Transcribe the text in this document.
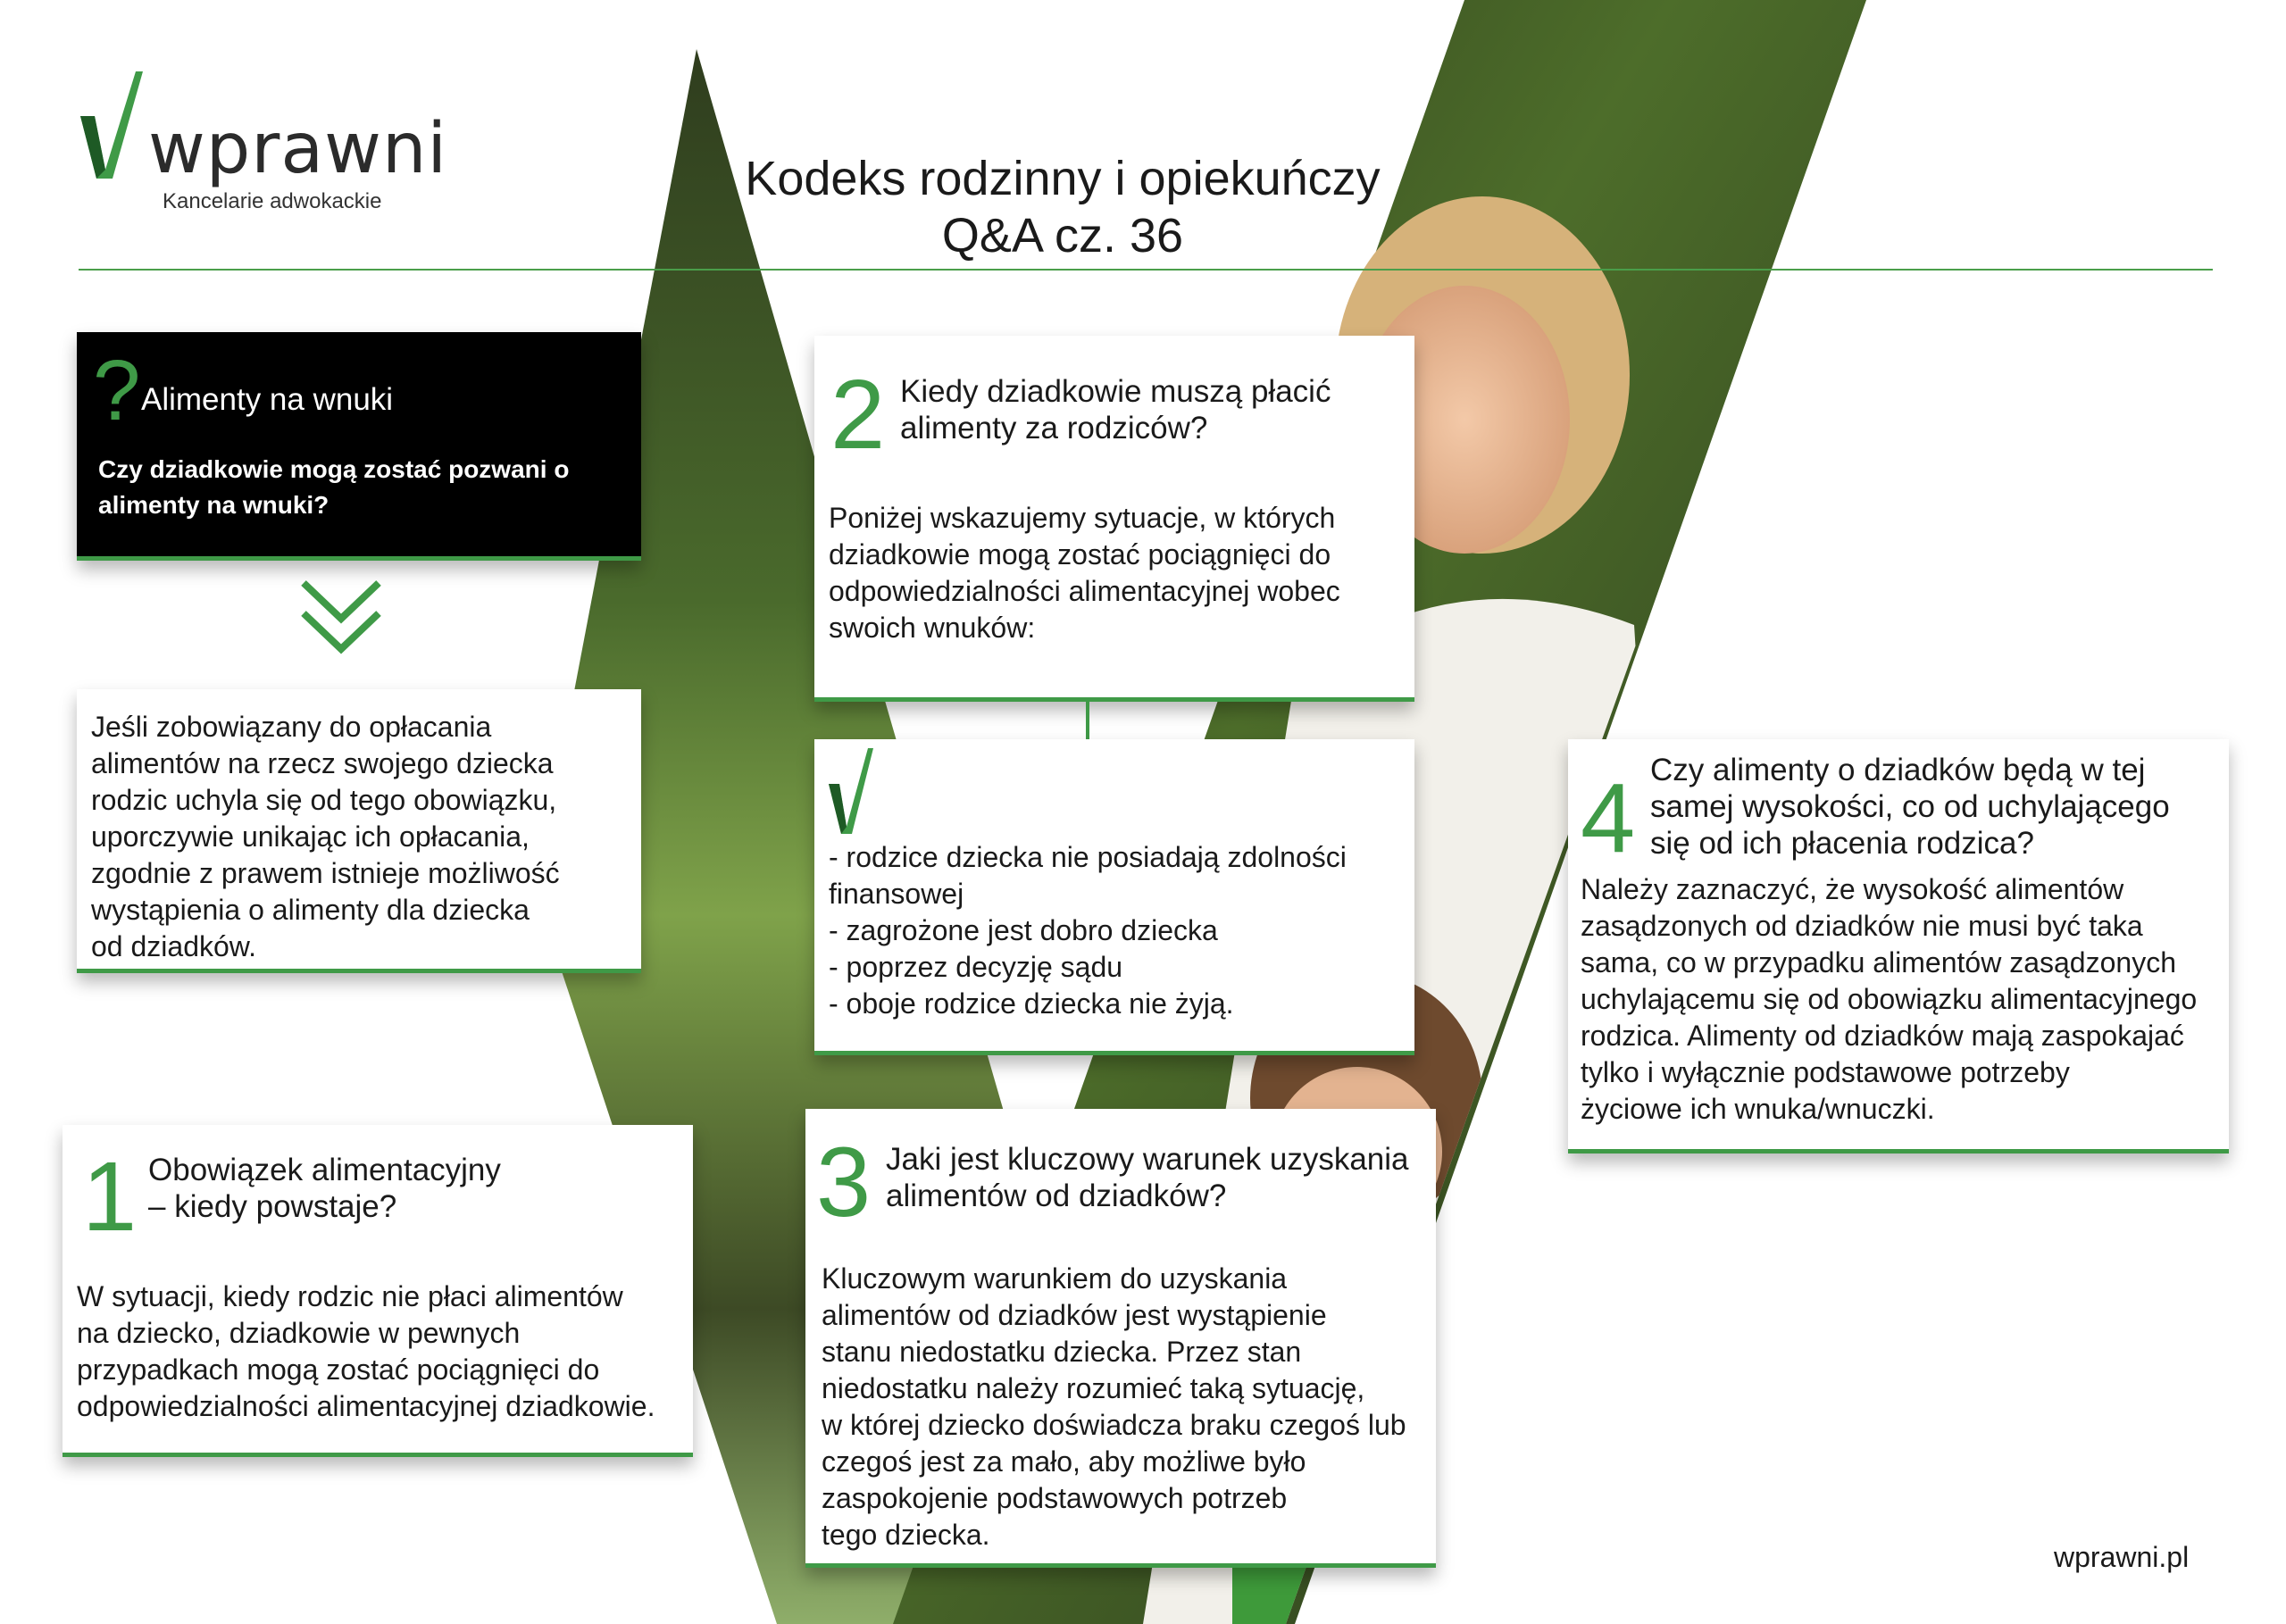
wprawni
Kancelarie adwokackie	Kodeks rodzinny i opiekuńczy
Q&A cz. 36
? Alimenty na wnuki
Czy dziadkowie mogą zostać pozwani o alimenty na wnuki?
Jeśli zobowiązany do opłacania
alimentów na rzecz swojego dziecka
rodzic uchyla się od tego obowiązku,
uporczywie unikając ich opłacania,
zgodnie z prawem istnieje możliwość
wystąpienia o alimenty dla dziecka
od dziadków.
1 Obowiązek alimentacyjny
– kiedy powstaje?
W sytuacji, kiedy rodzic nie płaci alimentów
na dziecko, dziadkowie w pewnych
przypadkach mogą zostać pociągnięci do
odpowiedzialności alimentacyjnej dziadkowie.
2 Kiedy dziadkowie muszą płacić
alimenty za rodziców?
Poniżej wskazujemy sytuacje, w których
dziadkowie mogą zostać pociągnięci do
odpowiedzialności alimentacyjnej wobec
swoich wnuków:
- rodzice dziecka nie posiadają zdolności
finansowej
- zagrożone jest dobro dziecka
- poprzez decyzję sądu
- oboje rodzice dziecka nie żyją.
3 Jaki jest kluczowy warunek uzyskania
alimentów od dziadków?
Kluczowym warunkiem do uzyskania
alimentów od dziadków jest wystąpienie
stanu niedostatku dziecka. Przez stan
niedostatku należy rozumieć taką sytuację,
w której dziecko doświadcza braku czegoś lub
czegoś jest za mało, aby możliwe było
zaspokojenie podstawowych potrzeb
tego dziecka.
4 Czy alimenty o dziadków będą w tej
samej wysokości, co od uchylającego
się od ich płacenia rodzica?
Należy zaznaczyć, że wysokość alimentów
zasądzonych od dziadków nie musi być taka
sama, co w przypadku alimentów zasądzonych
uchylającemu się od obowiązku alimentacyjnego
rodzica. Alimenty od dziadków mają zaspokajać
tylko i wyłącznie podstawowe potrzeby
życiowe ich wnuka/wnuczki.
wprawni.pl
